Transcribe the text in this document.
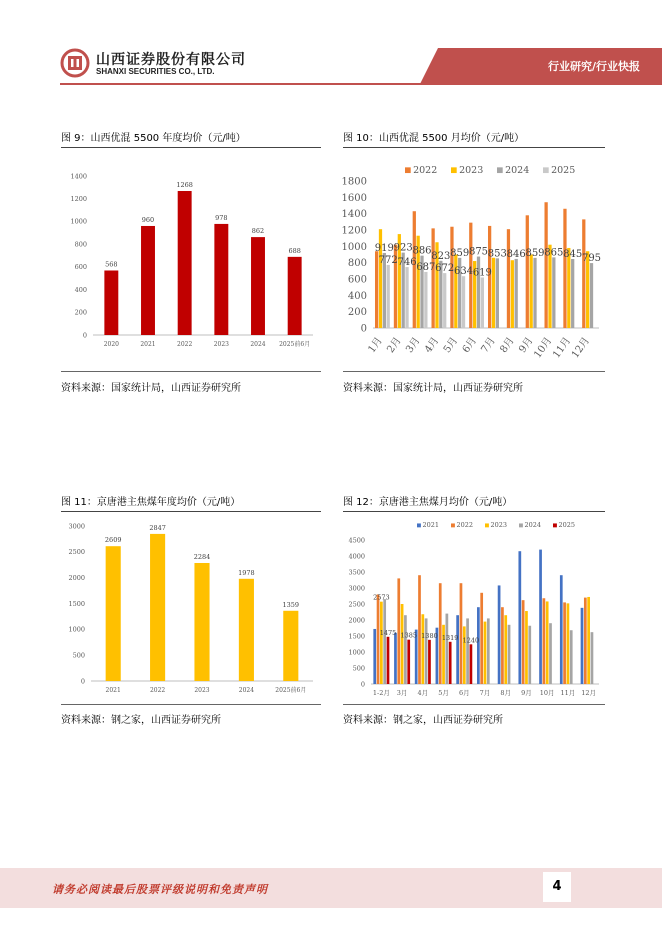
山西证券股份有限公司
SHANXI SECURITIES CO., LTD.	行业研究/行业快报
图 9：山西优混 5500 年度均价（元/吨）
0
200
400
600
800
1000
1200
1400
2020	2021	2022	2023	2024 2025前6月
568
960
1268
978
862
688
资料来源：国家统计局，山西证券研究所
图 10：山西优混 5500 月均价（元/吨）
0
200
400
600
800
1000
1200
1400
1600
1800
1月 2月 3月 4月 5月 6月 7月 8月 9月
10月
11月
12月
2022 2023 2024 2025
919 923 886 823 859 875 853 846 859 865 845 795
772 746 687 672 634 619
资料来源：国家统计局，山西证券研究所
图 11：京唐港主焦煤年度均价（元/吨）
0
500
1000
1500
2000
2500
3000
2021	2022	2023	2024	2025前6月
2609
2847
2284
1978
1359
资料来源：钢之家，山西证券研究所
图 12：京唐港主焦煤月均价（元/吨）
0
500
1000
1500
2000
2500
3000
3500
4000
4500
1-2月 3月 4月 5月 6月 7月 8月 9月 10月 11月 12月
2021	2022	2023	2024	2025
2573
1475 1385 1380 1319 1240
资料来源：钢之家，山西证券研究所
请务必阅读最后股票评级说明和免责声明	4
